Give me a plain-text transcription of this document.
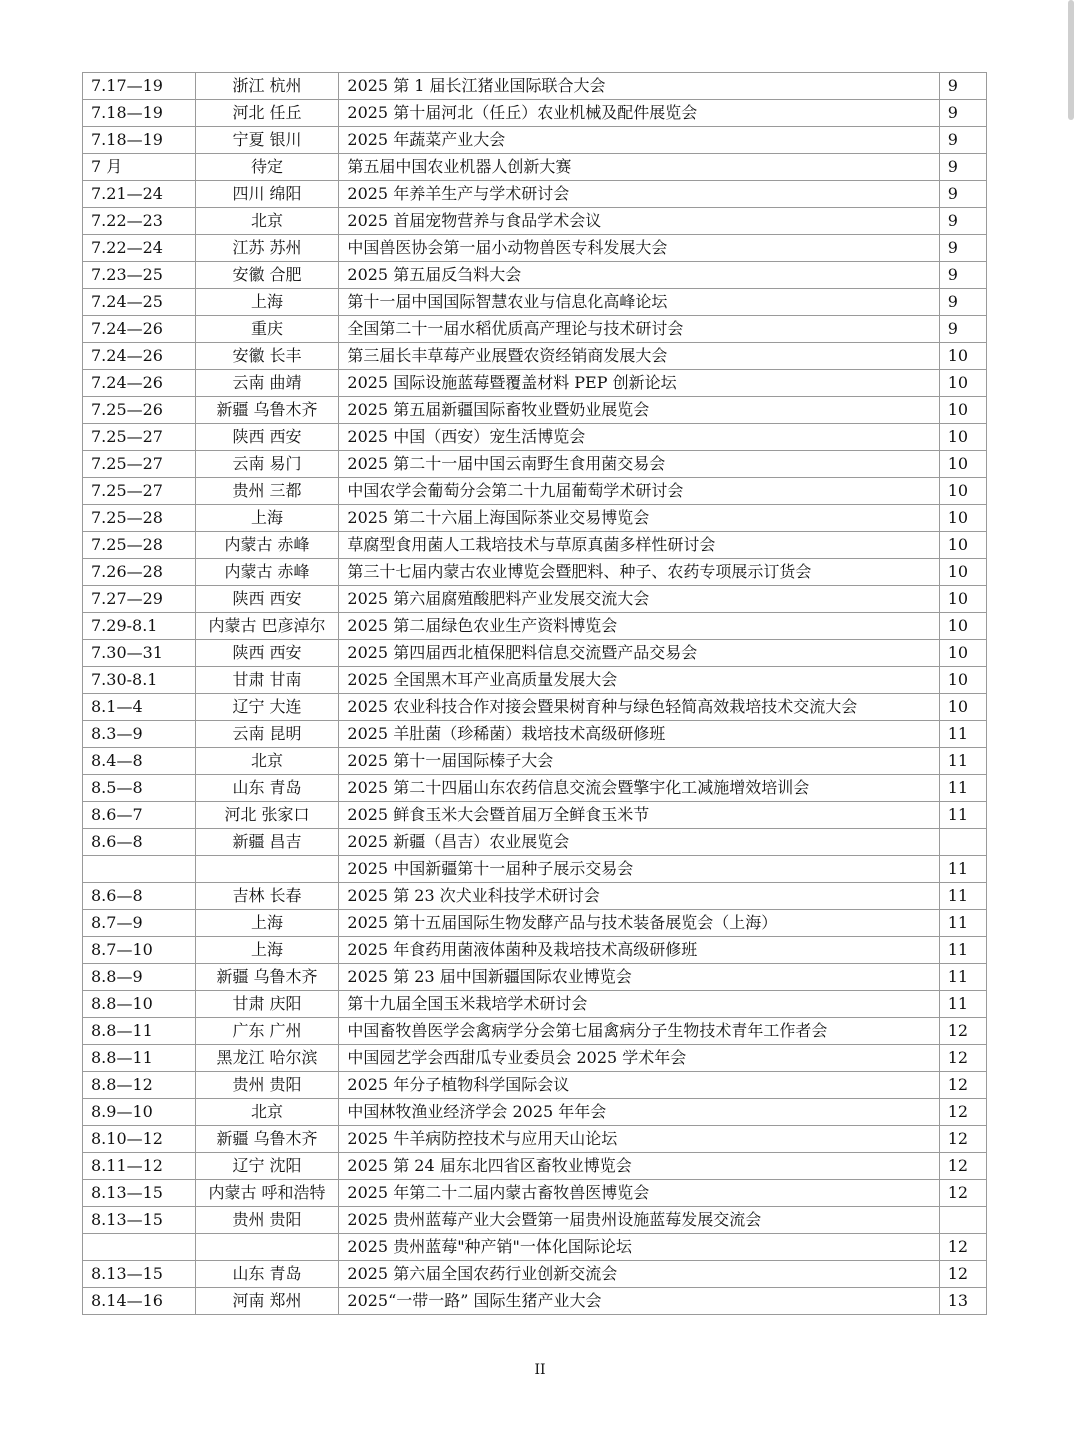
7.17—19	浙江 杭州	2025 第 1 届长江猪业国际联合大会	9
7.18—19	河北 任丘	2025 第十届河北（任丘）农业机械及配件展览会	9
7.18—19	宁夏 银川	2025 年蔬菜产业大会	9
7 月	待定	第五届中国农业机器人创新大赛	9
7.21—24	四川 绵阳	2025 年养羊生产与学术研讨会	9
7.22—23	北京	2025 首届宠物营养与食品学术会议	9
7.22—24	江苏 苏州	中国兽医协会第一届小动物兽医专科发展大会	9
7.23—25	安徽 合肥	2025 第五届反刍料大会	9
7.24—25	上海	第十一届中国国际智慧农业与信息化高峰论坛	9
7.24—26	重庆	全国第二十一届水稻优质高产理论与技术研讨会	9
7.24—26	安徽 长丰	第三届长丰草莓产业展暨农资经销商发展大会	10
7.24—26	云南 曲靖	2025 国际设施蓝莓暨覆盖材料 PEP 创新论坛	10
7.25—26	新疆 乌鲁木齐	2025 第五届新疆国际畜牧业暨奶业展览会	10
7.25—27	陕西 西安	2025 中国（西安）宠生活博览会	10
7.25—27	云南 易门	2025 第二十一届中国云南野生食用菌交易会	10
7.25—27	贵州 三都	中国农学会葡萄分会第二十九届葡萄学术研讨会	10
7.25—28	上海	2025 第二十六届上海国际茶业交易博览会	10
7.25—28	内蒙古 赤峰	草腐型食用菌人工栽培技术与草原真菌多样性研讨会	10
7.26—28	内蒙古 赤峰	第三十七届内蒙古农业博览会暨肥料、种子、农药专项展示订货会	10
7.27—29	陕西 西安	2025 第六届腐殖酸肥料产业发展交流大会	10
7.29-8.1	内蒙古 巴彦淖尔	2025 第二届绿色农业生产资料博览会	10
7.30—31	陕西 西安	2025 第四届西北植保肥料信息交流暨产品交易会	10
7.30-8.1	甘肃 甘南	2025 全国黑木耳产业高质量发展大会	10
8.1—4	辽宁 大连	2025 农业科技合作对接会暨果树育种与绿色轻简高效栽培技术交流大会	10
8.3—9	云南 昆明	2025 羊肚菌（珍稀菌）栽培技术高级研修班	11
8.4—8	北京	2025 第十一届国际榛子大会	11
8.5—8	山东 青岛	2025 第二十四届山东农药信息交流会暨擎宇化工减施增效培训会	11
8.6—7	河北 张家口	2025 鲜食玉米大会暨首届万全鲜食玉米节	11
8.6—8	新疆 昌吉	2025 新疆（昌吉）农业展览会	
		2025 中国新疆第十一届种子展示交易会	11
8.6—8	吉林 长春	2025 第 23 次犬业科技学术研讨会	11
8.7—9	上海	2025 第十五届国际生物发酵产品与技术装备展览会（上海）	11
8.7—10	上海	2025 年食药用菌液体菌种及栽培技术高级研修班	11
8.8—9	新疆 乌鲁木齐	2025 第 23 届中国新疆国际农业博览会	11
8.8—10	甘肃 庆阳	第十九届全国玉米栽培学术研讨会	11
8.8—11	广东 广州	中国畜牧兽医学会禽病学分会第七届禽病分子生物技术青年工作者会	12
8.8—11	黑龙江 哈尔滨	中国园艺学会西甜瓜专业委员会 2025 学术年会	12
8.8—12	贵州 贵阳	2025 年分子植物科学国际会议	12
8.9—10	北京	中国林牧渔业经济学会 2025 年年会	12
8.10—12	新疆 乌鲁木齐	2025 牛羊病防控技术与应用天山论坛	12
8.11—12	辽宁 沈阳	2025 第 24 届东北四省区畜牧业博览会	12
8.13—15	内蒙古 呼和浩特	2025 年第二十二届内蒙古畜牧兽医博览会	12
8.13—15	贵州 贵阳	2025 贵州蓝莓产业大会暨第一届贵州设施蓝莓发展交流会	
		2025 贵州蓝莓"种产销"一体化国际论坛	12
8.13—15	山东 青岛	2025 第六届全国农药行业创新交流会	12
8.14—16	河南 郑州	2025“一带一路” 国际生猪产业大会	13
II
